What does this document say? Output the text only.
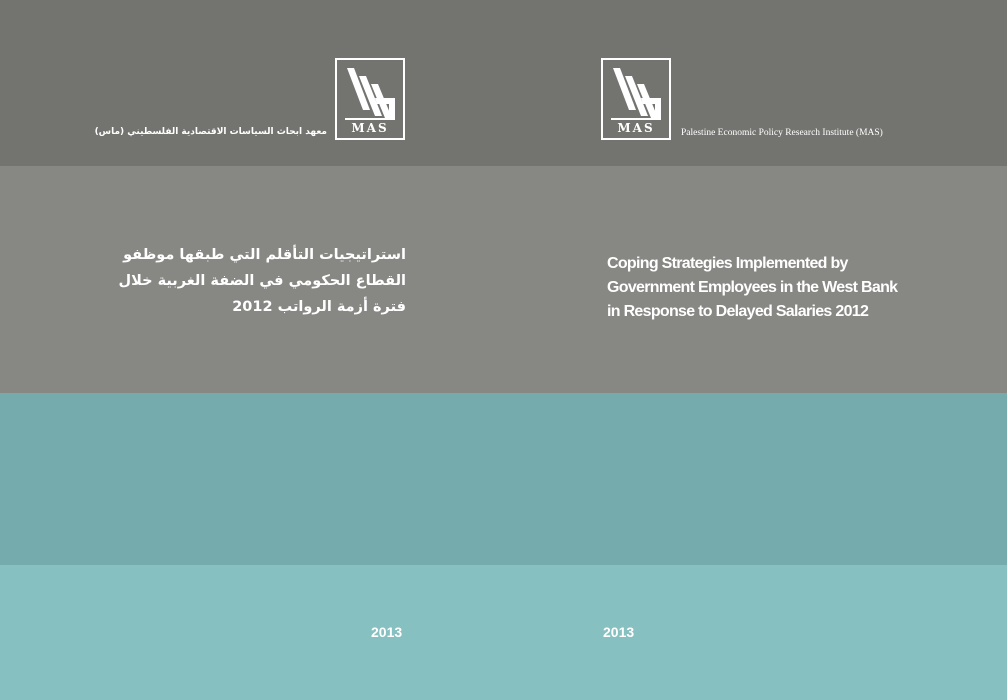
MAS
معهد ابحاث السياسات الاقتصادية الفلسطيني (ماس)	MAS	Palestine Economic Policy Research Institute (MAS)
استراتيجيات التأقلم التي طبقها موظفو
القطاع الحكومي في الضفة الغربية خلال
فترة أزمة الرواتب 2012
Coping Strategies Implemented by
Government Employees in the West Bank
in Response to Delayed Salaries 2012
2013	2013
